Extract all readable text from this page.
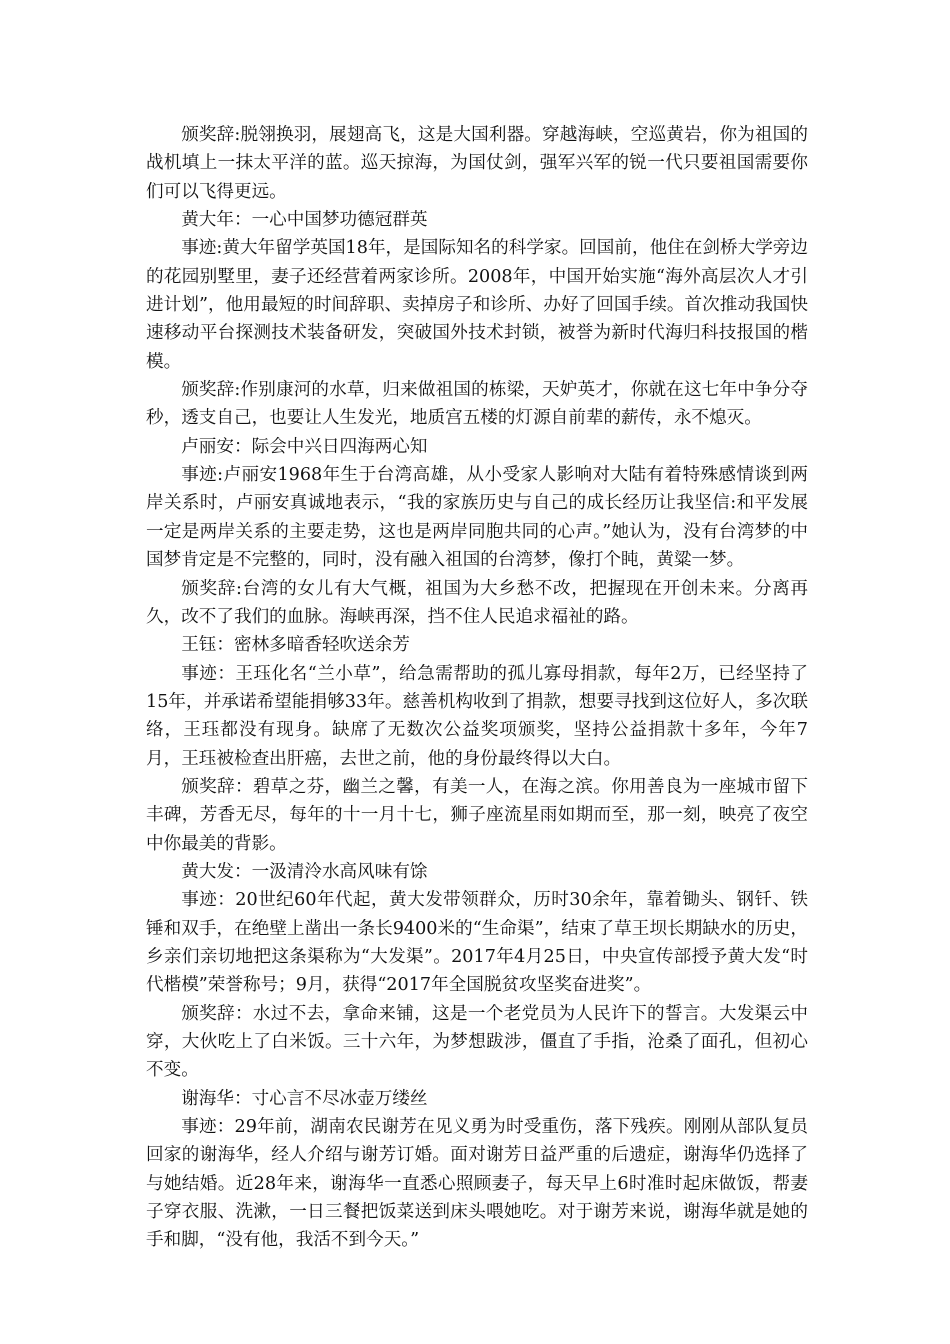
颁奖辞:脱翎换羽，展翅高飞，这是大国利器。穿越海峡，空巡黄岩，你为祖国的战机填上一抹太平洋的蓝。巡天掠海，为国仗剑，强军兴军的锐一代只要祖国需要你们可以飞得更远。

黄大年：一心中国梦功德冠群英

事迹:黄大年留学英国18年，是国际知名的科学家。回国前，他住在剑桥大学旁边的花园别墅里，妻子还经营着两家诊所。2008年，中国开始实施“海外高层次人才引进计划”，他用最短的时间辞职、卖掉房子和诊所、办好了回国手续。首次推动我国快速移动平台探测技术装备研发，突破国外技术封锁，被誉为新时代海归科技报国的楷模。

颁奖辞:作别康河的水草，归来做祖国的栋梁，天妒英才，你就在这七年中争分夺秒，透支自己，也要让人生发光，地质宫五楼的灯源自前辈的薪传，永不熄灭。

卢丽安：际会中兴日四海两心知

事迹:卢丽安1968年生于台湾高雄，从小受家人影响对大陆有着特殊感情谈到两岸关系时，卢丽安真诚地表示，“我的家族历史与自己的成长经历让我坚信:和平发展一定是两岸关系的主要走势，这也是两岸同胞共同的心声。”她认为，没有台湾梦的中国梦肯定是不完整的，同时，没有融入祖国的台湾梦，像打个盹，黄粱一梦。

颁奖辞:台湾的女儿有大气概，祖国为大乡愁不改，把握现在开创未来。分离再久，改不了我们的血脉。海峡再深，挡不住人民追求福祉的路。

王钰：密林多暗香轻吹送余芳

事迹：王珏化名“兰小草”，给急需帮助的孤儿寡母捐款，每年2万，已经坚持了15年，并承诺希望能捐够33年。慈善机构收到了捐款，想要寻找到这位好人，多次联络，王珏都没有现身。缺席了无数次公益奖项颁奖，坚持公益捐款十多年，今年7月，王珏被检查出肝癌，去世之前，他的身份最终得以大白。

颁奖辞：碧草之芬，幽兰之馨，有美一人，在海之滨。你用善良为一座城市留下丰碑，芳香无尽，每年的十一月十七，狮子座流星雨如期而至，那一刻，映亮了夜空中你最美的背影。

黄大发：一汲清泠水高风味有馀

事迹：20世纪60年代起，黄大发带领群众，历时30余年，靠着锄头、钢钎、铁锤和双手，在绝壁上凿出一条长9400米的“生命渠”，结束了草王坝长期缺水的历史，乡亲们亲切地把这条渠称为“大发渠”。2017年4月25日，中央宣传部授予黄大发“时代楷模”荣誉称号；9月，获得“2017年全国脱贫攻坚奖奋进奖”。

颁奖辞：水过不去，拿命来铺，这是一个老党员为人民许下的誓言。大发渠云中穿，大伙吃上了白米饭。三十六年，为梦想跋涉，僵直了手指，沧桑了面孔，但初心不变。

谢海华：寸心言不尽冰壶万缕丝

事迹：29年前，湖南农民谢芳在见义勇为时受重伤，落下残疾。刚刚从部队复员回家的谢海华，经人介绍与谢芳订婚。面对谢芳日益严重的后遗症，谢海华仍选择了与她结婚。近28年来，谢海华一直悉心照顾妻子，每天早上6时准时起床做饭，帮妻子穿衣服、洗漱，一日三餐把饭菜送到床头喂她吃。对于谢芳来说，谢海华就是她的手和脚，“没有他，我活不到今天。”
